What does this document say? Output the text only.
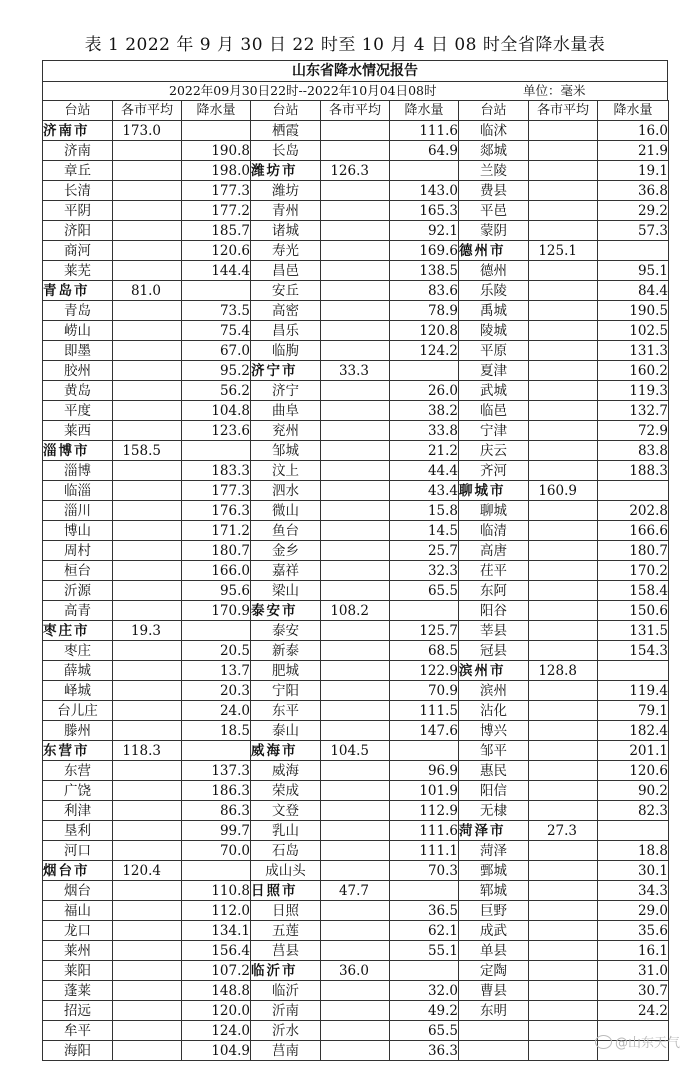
表 1 2022 年 9 月 30 日 22 时至 10 月 4 日 08 时全省降水量表
山东省降水情况报告
2022年09月30日22时--2022年10月04日08时	单位：毫米
台站	各市平均	降水量	台站	各市平均	降水量	台站	各市平均	降水量
济南市	173.0		栖霞		111.6	临沭		16.0
济南		190.8	长岛		64.9	郯城		21.9
章丘		198.0	潍坊市	126.3		兰陵		19.1
长清		177.3	潍坊		143.0	费县		36.8
平阴		177.2	青州		165.3	平邑		29.2
济阳		185.7	诸城		92.1	蒙阴		57.3
商河		120.6	寿光		169.6	德州市	125.1	
莱芜		144.4	昌邑		138.5	德州		95.1
青岛市	81.0		安丘		83.6	乐陵		84.4
青岛		73.5	高密		78.9	禹城		190.5
崂山		75.4	昌乐		120.8	陵城		102.5
即墨		67.0	临朐		124.2	平原		131.3
胶州		95.2	济宁市	33.3		夏津		160.2
黄岛		56.2	济宁		26.0	武城		119.3
平度		104.8	曲阜		38.2	临邑		132.7
莱西		123.6	兖州		33.8	宁津		72.9
淄博市	158.5		邹城		21.2	庆云		83.8
淄博		183.3	汶上		44.4	齐河		188.3
临淄		177.3	泗水		43.4	聊城市	160.9	
淄川		176.3	微山		15.8	聊城		202.8
博山		171.2	鱼台		14.5	临清		166.6
周村		180.7	金乡		25.7	高唐		180.7
桓台		166.0	嘉祥		32.3	茌平		170.2
沂源		95.6	梁山		65.5	东阿		158.4
高青		170.9	泰安市	108.2		阳谷		150.6
枣庄市	19.3		泰安		125.7	莘县		131.5
枣庄		20.5	新泰		68.5	冠县		154.3
薛城		13.7	肥城		122.9	滨州市	128.8	
峄城		20.3	宁阳		70.9	滨州		119.4
台儿庄		24.0	东平		111.5	沾化		79.1
滕州		18.5	泰山		147.6	博兴		182.4
东营市	118.3		威海市	104.5		邹平		201.1
东营		137.3	威海		96.9	惠民		120.6
广饶		186.3	荣成		101.9	阳信		90.2
利津		86.3	文登		112.9	无棣		82.3
垦利		99.7	乳山		111.6	菏泽市	27.3	
河口		70.0	石岛		111.1	菏泽		18.8
烟台市	120.4		成山头		70.3	鄄城		30.1
烟台		110.8	日照市	47.7		郓城		34.3
福山		112.0	日照		36.5	巨野		29.0
龙口		134.1	五莲		62.1	成武		35.6
莱州		156.4	莒县		55.1	单县		16.1
莱阳		107.2	临沂市	36.0		定陶		31.0
蓬莱		148.8	临沂		32.0	曹县		30.7
招远		120.0	沂南		49.2	东明		24.2
牟平		124.0	沂水		65.5			
海阳		104.9	莒南		36.3				@山东天气
